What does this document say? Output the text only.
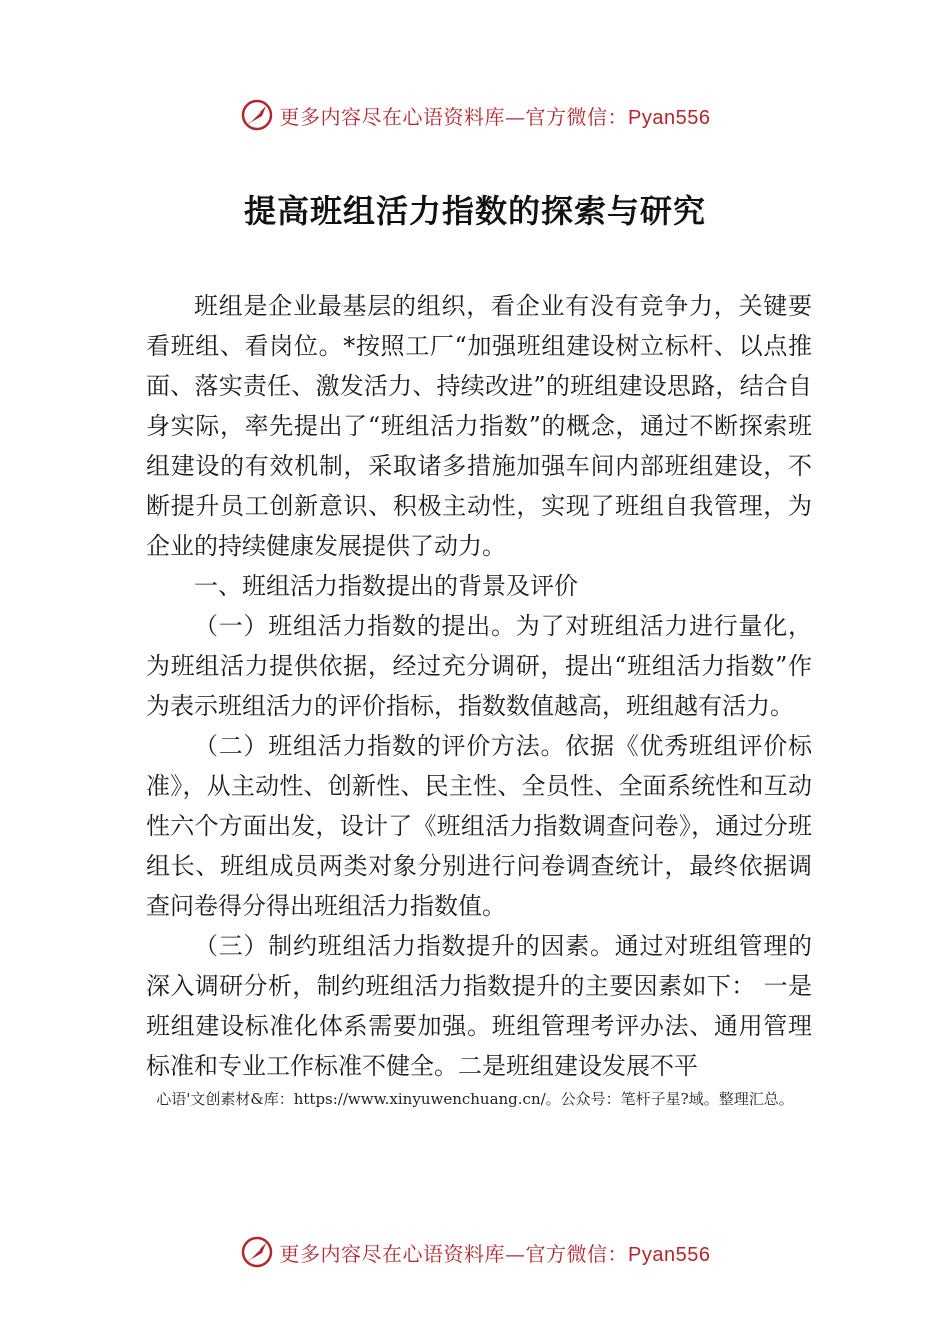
更多内容尽在心语资料库—官方微信：Pyan556
提高班组活力指数的探索与研究

班组是企业最基层的组织，看企业有没有竞争力，关键要看班组、看岗位。*按照工厂“加强班组建设树立标杆、以点推面、落实责任、激发活力、持续改进”的班组建设思路，结合自身实际，率先提出了“班组活力指数”的概念，通过不断探索班组建设的有效机制，采取诸多措施加强车间内部班组建设，不断提升员工创新意识、积极主动性，实现了班组自我管理，为企业的持续健康发展提供了动力。

一、班组活力指数提出的背景及评价

（一）班组活力指数的提出。为了对班组活力进行量化，为班组活力提供依据，经过充分调研，提出“班组活力指数”作为表示班组活力的评价指标，指数数值越高，班组越有活力。

（二）班组活力指数的评价方法。依据《优秀班组评价标准》，从主动性、创新性、民主性、全员性、全面系统性和互动性六个方面出发，设计了《班组活力指数调查问卷》，通过分班组长、班组成员两类对象分别进行问卷调查统计，最终依据调查问卷得分得出班组活力指数值。

（三）制约班组活力指数提升的因素。通过对班组管理的深入调研分析，制约班组活力指数提升的主要因素如下： 一是班组建设标准化体系需要加强。班组管理考评办法、通用管理标准和专业工作标准不健全。二是班组建设发展不平

心语'文创素材&库：https://www.xinyuwenchuang.cn/。公众号：笔杆子星?域。整理汇总。
更多内容尽在心语资料库—官方微信：Pyan556
